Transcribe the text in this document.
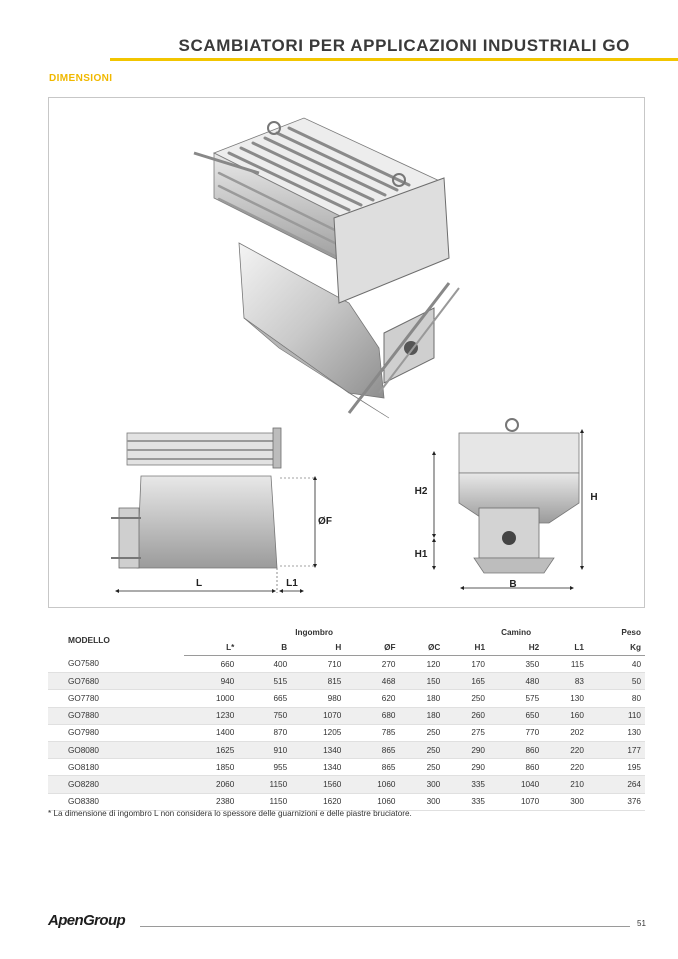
SCAMBIATORI PER APPLICAZIONI INDUSTRIALI GO
DIMENSIONI
L	L1
ØF
H2
H1
H
B
MODELLO	Ingombro					Camino			Peso
	L*	B	H	ØF	ØC	H1	H2	L1	Kg
GO7580	660	400	710	270	120	170	350	115	40
GO7680	940	515	815	468	150	165	480	83	50
GO7780	1000	665	980	620	180	250	575	130	80
GO7880	1230	750	1070	680	180	260	650	160	110
GO7980	1400	870	1205	785	250	275	770	202	130
GO8080	1625	910	1340	865	250	290	860	220	177
GO8180	1850	955	1340	865	250	290	860	220	195
GO8280	2060	1150	1560	1060	300	335	1040	210	264
GO8380	2380	1150	1620	1060	300	335	1070	300	376
* La dimensione di ingombro L non considera lo spessore delle guarnizioni e delle piastre bruciatore.
ApenGroup	51
